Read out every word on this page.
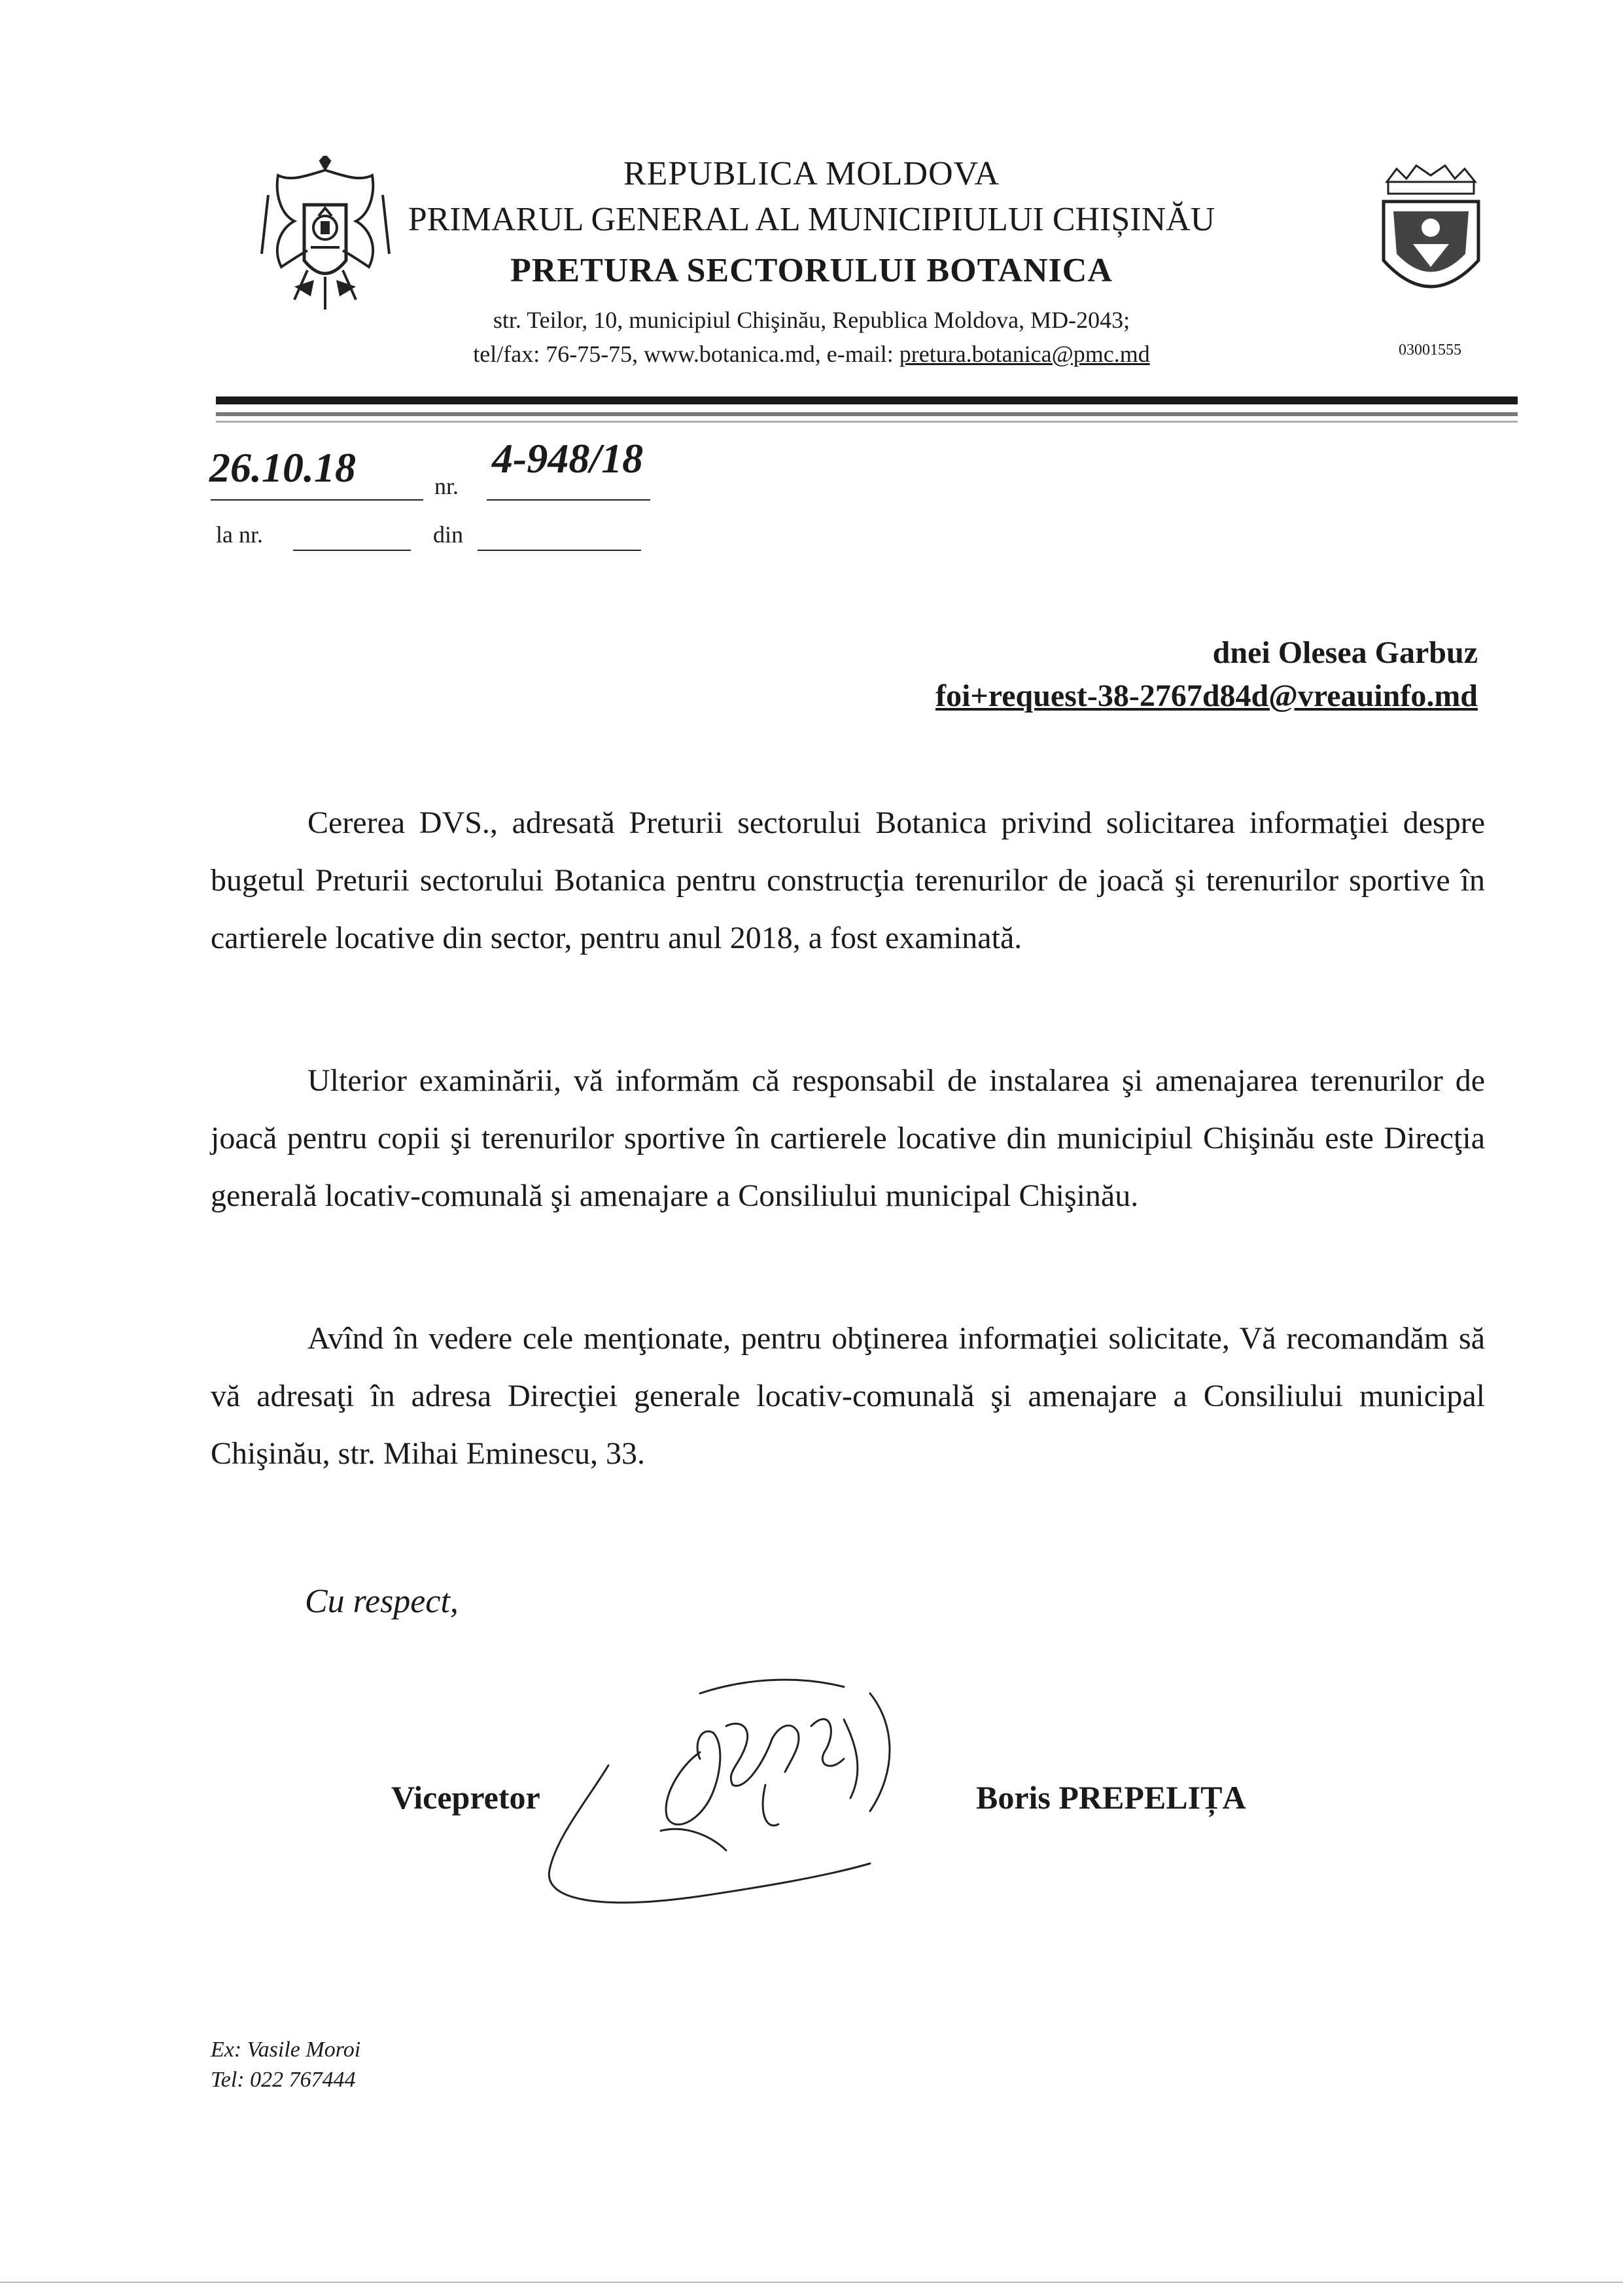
REPUBLICA MOLDOVA
PRIMARUL GENERAL AL MUNICIPIULUI CHIȘINĂU
PRETURA SECTORULUI BOTANICA
str. Teilor, 10, municipiul Chişinău, Republica Moldova, MD-2043;
tel/fax: 76-75-75, www.botanica.md, e-mail: pretura.botanica@pmc.md	03001555
26.10.18	nr.
4-948/18
la nr.	din
dnei Olesea Garbuz
foi+request-38-2767d84d@vreauinfo.md
Cererea DVS., adresată Preturii sectorului Botanica privind solicitarea informaţiei despre bugetul Preturii sectorului Botanica pentru construcţia terenurilor de joacă şi terenurilor sportive în cartierele locative din sector, pentru anul 2018, a fost examinată.
Ulterior examinării, vă informăm că responsabil de instalarea şi amenajarea terenurilor de joacă pentru copii şi terenurilor sportive în cartierele locative din municipiul Chişinău este Direcţia generală locativ-comunală şi amenajare a Consiliului municipal Chişinău.
Avînd în vedere cele menţionate, pentru obţinerea informaţiei solicitate, Vă recomandăm să vă adresaţi în adresa Direcţiei generale locativ-comunală şi amenajare a Consiliului municipal Chişinău, str. Mihai Eminescu, 33.
Cu respect,
Vicepretor	Boris PREPELIȚA
Ex: Vasile Moroi
Tel: 022 767444
